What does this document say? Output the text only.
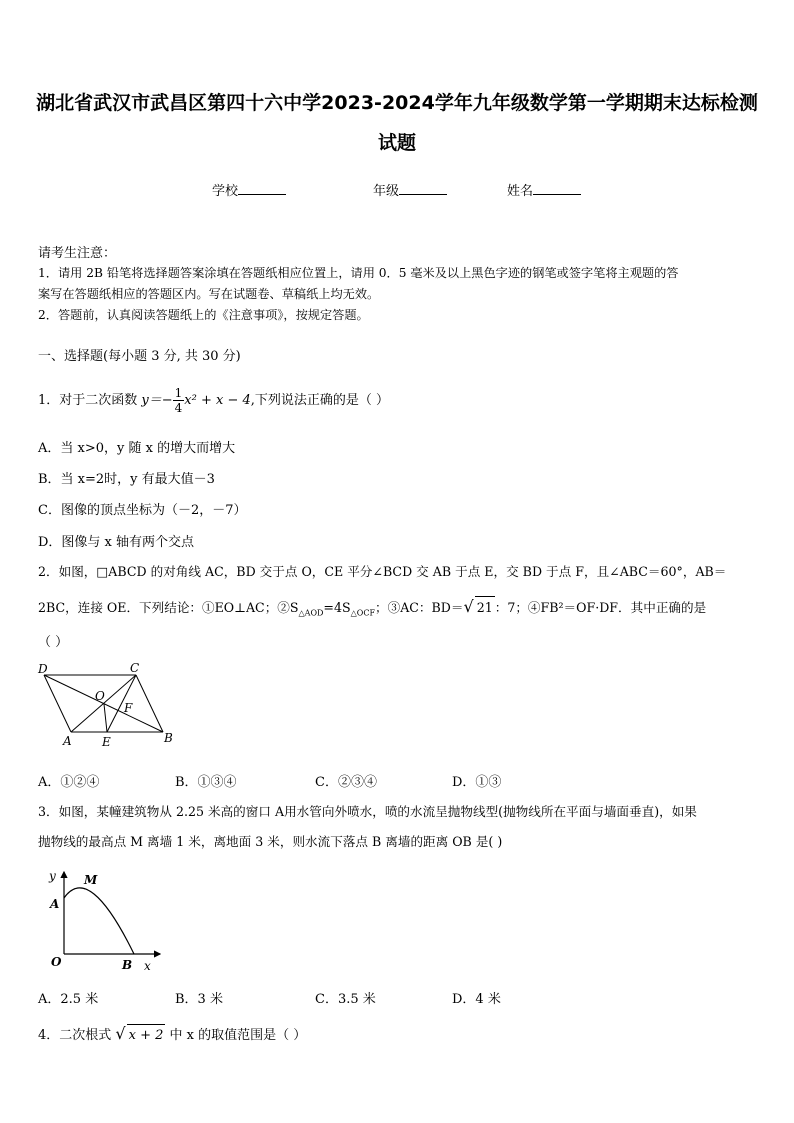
湖北省武汉市武昌区第四十六中学2023-2024学年九年级数学第一学期期末达标检测
试题
学校	年级	姓名
请考生注意：
1．请用 2B 铅笔将选择题答案涂填在答题纸相应位置上，请用 0．5 毫米及以上黑色字迹的钢笔或签字笔将主观题的答
案写在答题纸相应的答题区内。写在试题卷、草稿纸上均无效。
2．答题前，认真阅读答题纸上的《注意事项》，按规定答题。
一、选择题(每小题 3 分, 共 30 分)
1．对于二次函数 $y=- \frac{1}{4} x^2 + x - 4$,下列说法正确的是（ ）
A．当 x>0，y 随 x 的增大而增大
B．当 x=2时，y 有最大值－3
C．图像的顶点坐标为（－2，－7）
D．图像与 x 轴有两个交点
2．如图，□ABCD 的对角线 AC，BD 交于点 O，CE 平分∠BCD 交 AB 于点 E，交 BD 于点 F，且∠ABC＝60°，AB＝
2BC，连接 OE．下列结论：①EO⊥AC；$②S_{\triangle AOD}=4S_{\triangle OCF}$；③AC：BD＝√ 21 ：7；④FB²＝OF·DF．其中正确的是
（ ）
D	C
O
F
A	E	B
A．①②④	B．①③④	C．②③④	D．①③
3．如图，某幢建筑物从 2.25 米高的窗口 A用水管向外喷水，喷的水流呈抛物线型(抛物线所在平面与墙面垂直)，如果
抛物线的最高点 M 离墙 1 米，离地面 3 米，则水流下落点 B 离墙的距离 OB 是( )
y M
A
O	B x
A．2.5 米	B．3 米	C．3.5 米	D．4 米
4．二次根式 √ x + 2 中 x 的取值范围是（ ）
